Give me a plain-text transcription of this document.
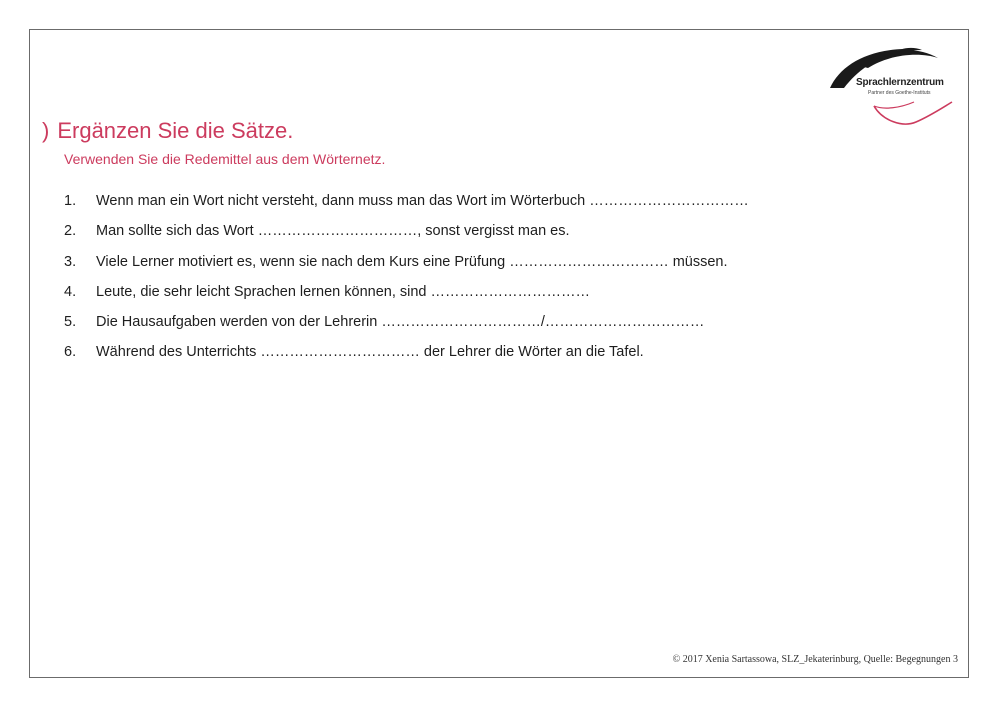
Sprachlernzentrum
Partner des Goethe-Instituts
) Ergänzen Sie die Sätze.
Verwenden Sie die Redemittel aus dem Wörternetz.
1. Wenn man ein Wort nicht versteht, dann muss man das Wort im Wörterbuch ……………………………
2. Man sollte sich das Wort ……………………………, sonst vergisst man es.
3. Viele Lerner motiviert es, wenn sie nach dem Kurs eine Prüfung …………………………… müssen.
4. Leute, die sehr leicht Sprachen lernen können, sind ……………………………
5. Die Hausaufgaben werden von der Lehrerin ……………………………/……………………………
6. Während des Unterrichts …………………………… der Lehrer die Wörter an die Tafel.
© 2017 Xenia Sartassowa, SLZ_Jekaterinburg, Quelle: Begegnungen 3
